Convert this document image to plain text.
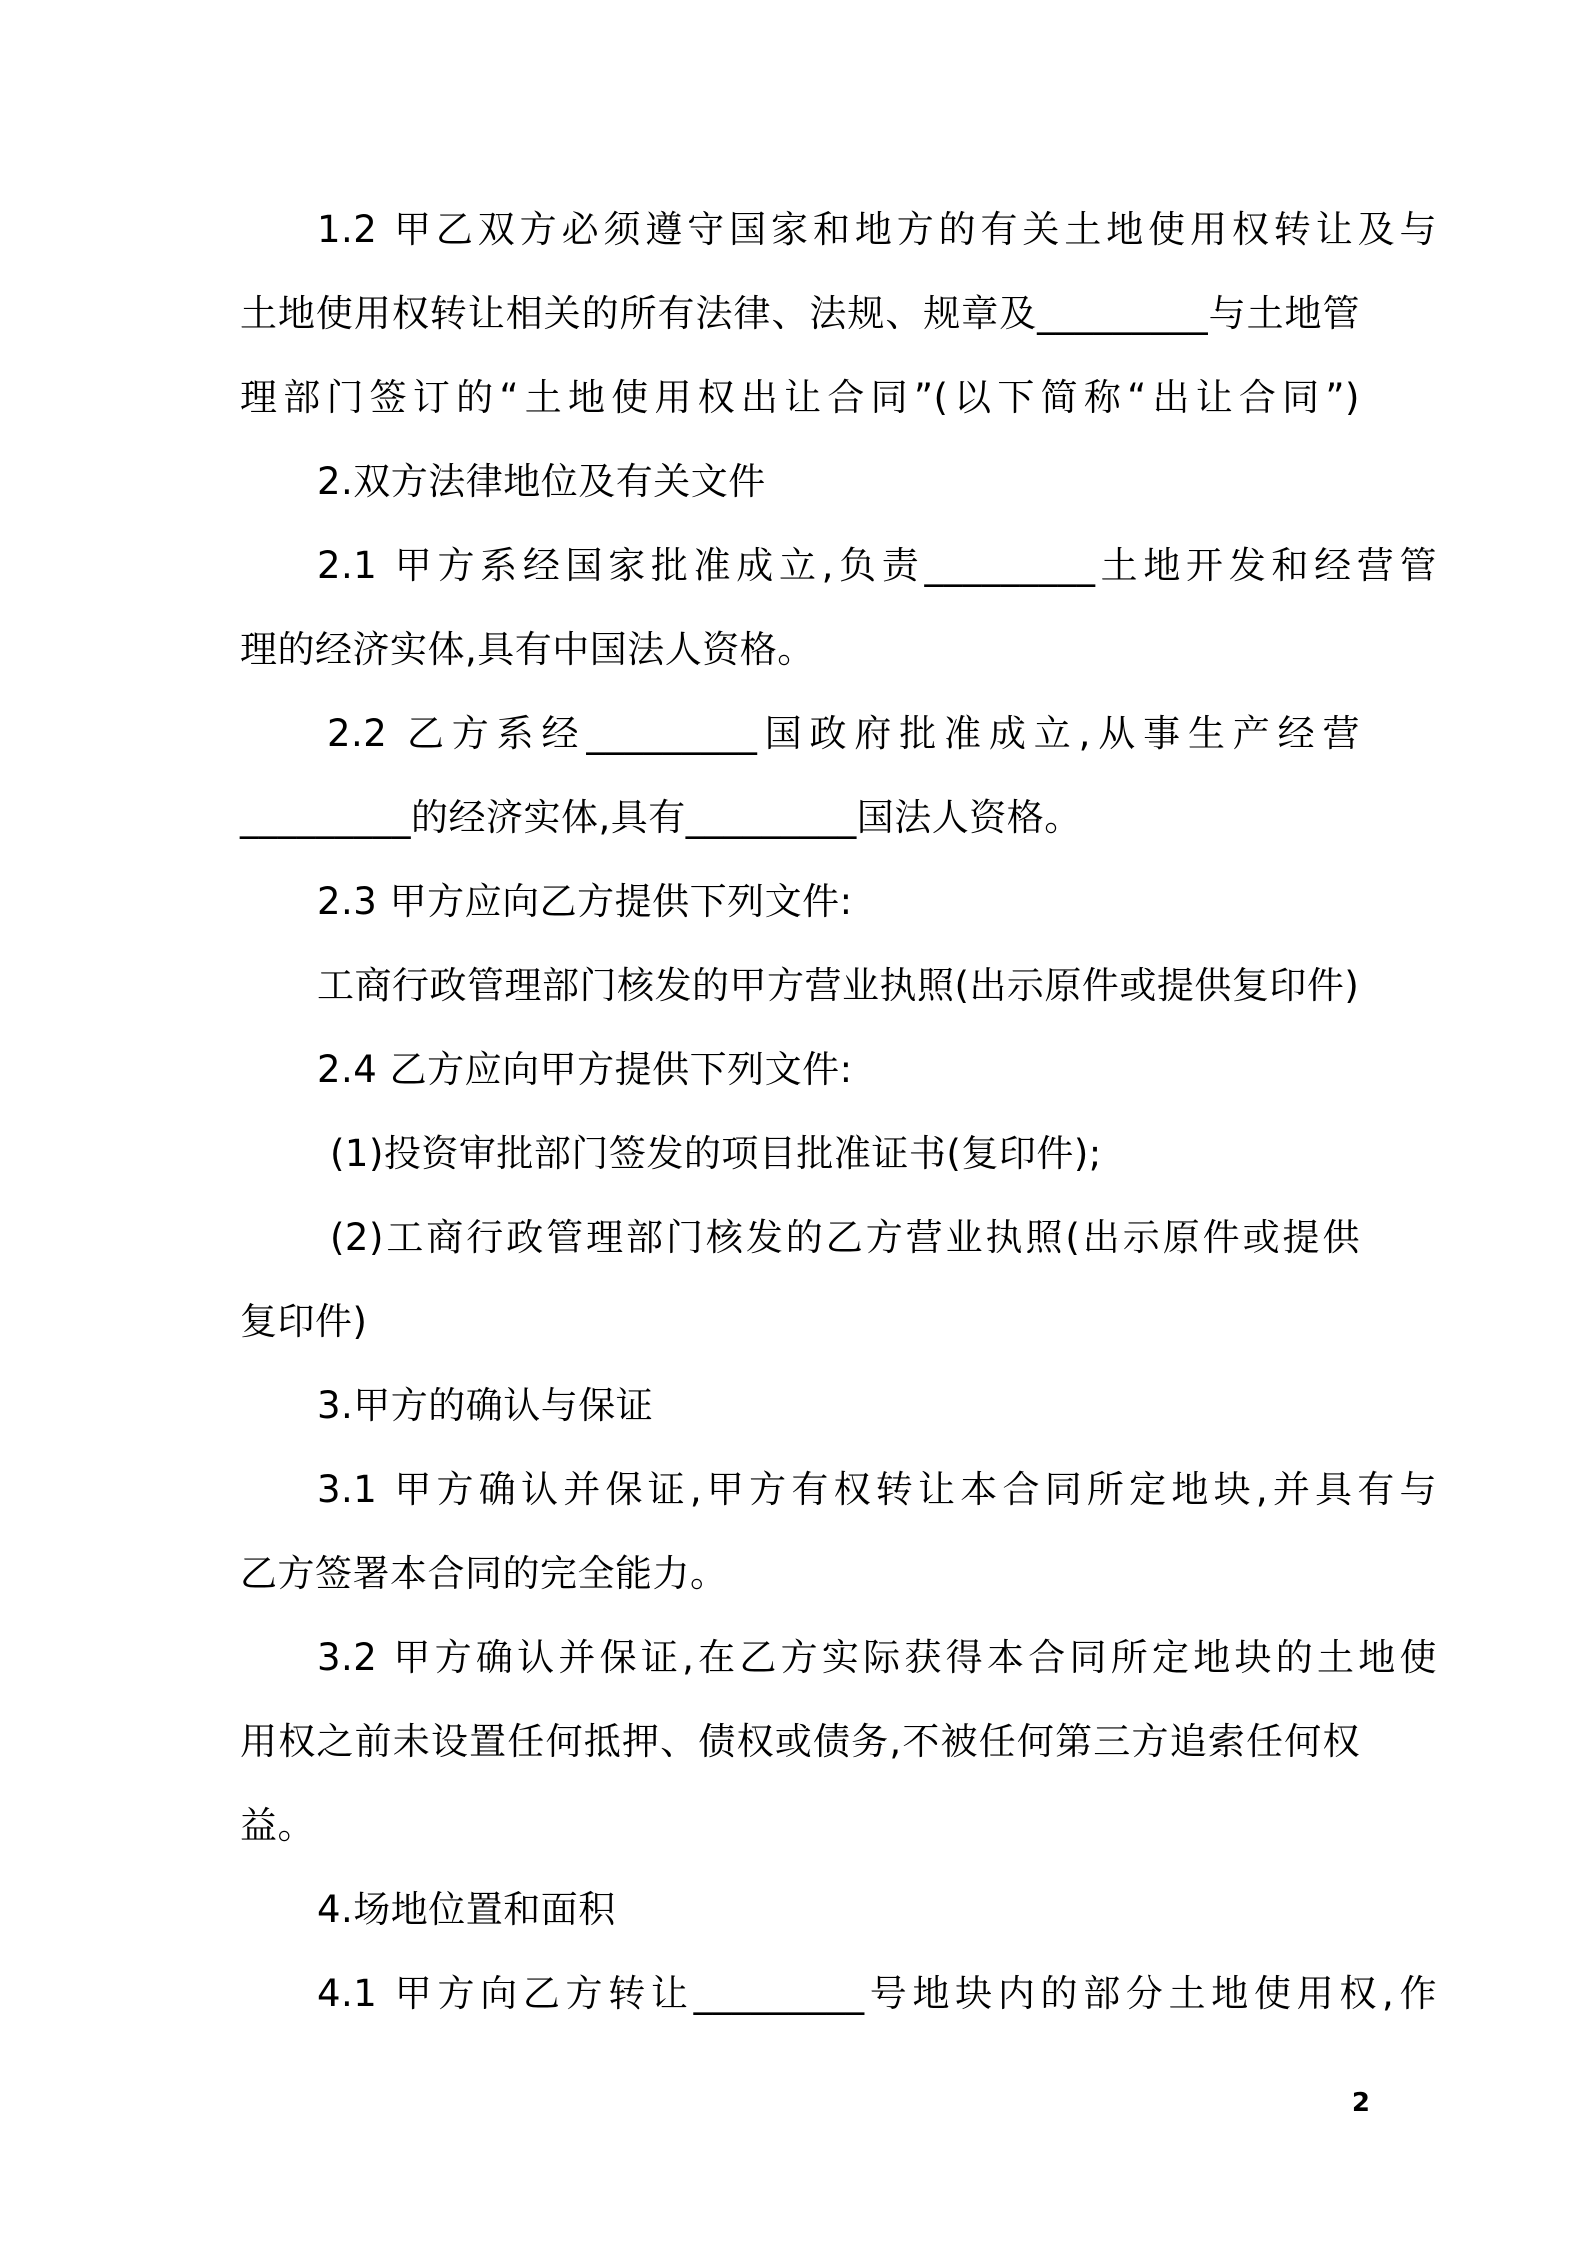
1.2 甲乙双方必须遵守国家和地方的有关土地使用权转让及与
土地使用权转让相关的所有法律、法规、规章及_________与土地管
理部门签订的“土地使用权出让合同”(以下简称“出让合同”)
2.双方法律地位及有关文件
2.1 甲方系经国家批准成立,负责_________土地开发和经营管
理的经济实体,具有中国法人资格。
2.2 乙方系经_________国政府批准成立,从事生产经营
_________的经济实体,具有_________国法人资格。
2.3 甲方应向乙方提供下列文件:
工商行政管理部门核发的甲方营业执照(出示原件或提供复印件)
2.4 乙方应向甲方提供下列文件:
(1)投资审批部门签发的项目批准证书(复印件);
(2)工商行政管理部门核发的乙方营业执照(出示原件或提供
复印件)
3.甲方的确认与保证
3.1 甲方确认并保证,甲方有权转让本合同所定地块,并具有与
乙方签署本合同的完全能力。
3.2 甲方确认并保证,在乙方实际获得本合同所定地块的土地使
用权之前未设置任何抵押、债权或债务,不被任何第三方追索任何权
益。
4.场地位置和面积
4.1 甲方向乙方转让_________号地块内的部分土地使用权,作
2
